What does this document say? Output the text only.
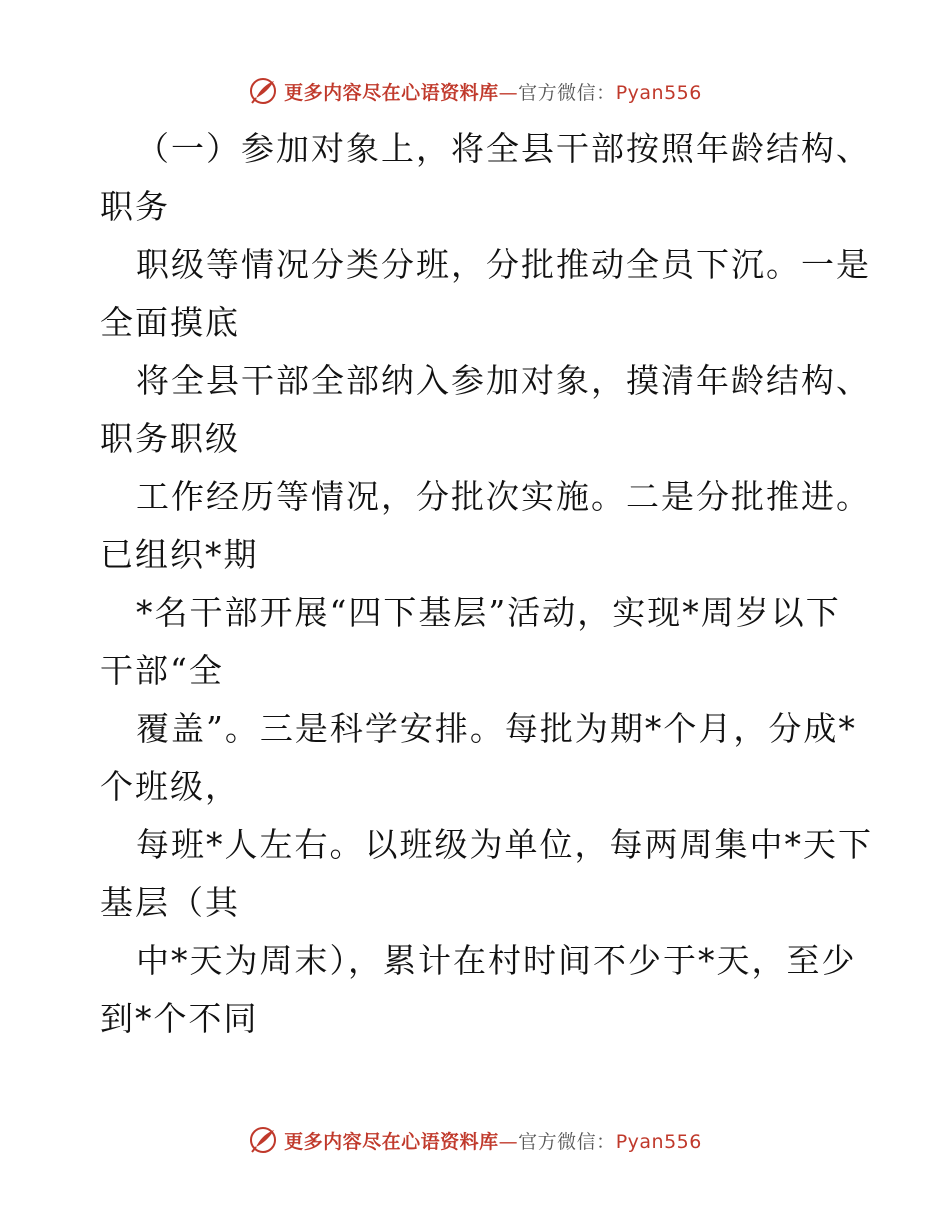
更多内容尽在心语资料库—官方微信：Pyan556

（一）参加对象上，将全县干部按照年龄结构、

职务

职级等情况分类分班，分批推动全员下沉。一是

全面摸底

将全县干部全部纳入参加对象，摸清年龄结构、

职务职级

工作经历等情况，分批次实施。二是分批推进。

已组织*期

*名干部开展“四下基层”活动，实现*周岁以下

干部“全

覆盖”。三是科学安排。每批为期*个月，分成*

个班级，

每班*人左右。以班级为单位，每两周集中*天下

基层（其

中*天为周末），累计在村时间不少于*天，至少

到*个不同

更多内容尽在心语资料库—官方微信：Pyan556
